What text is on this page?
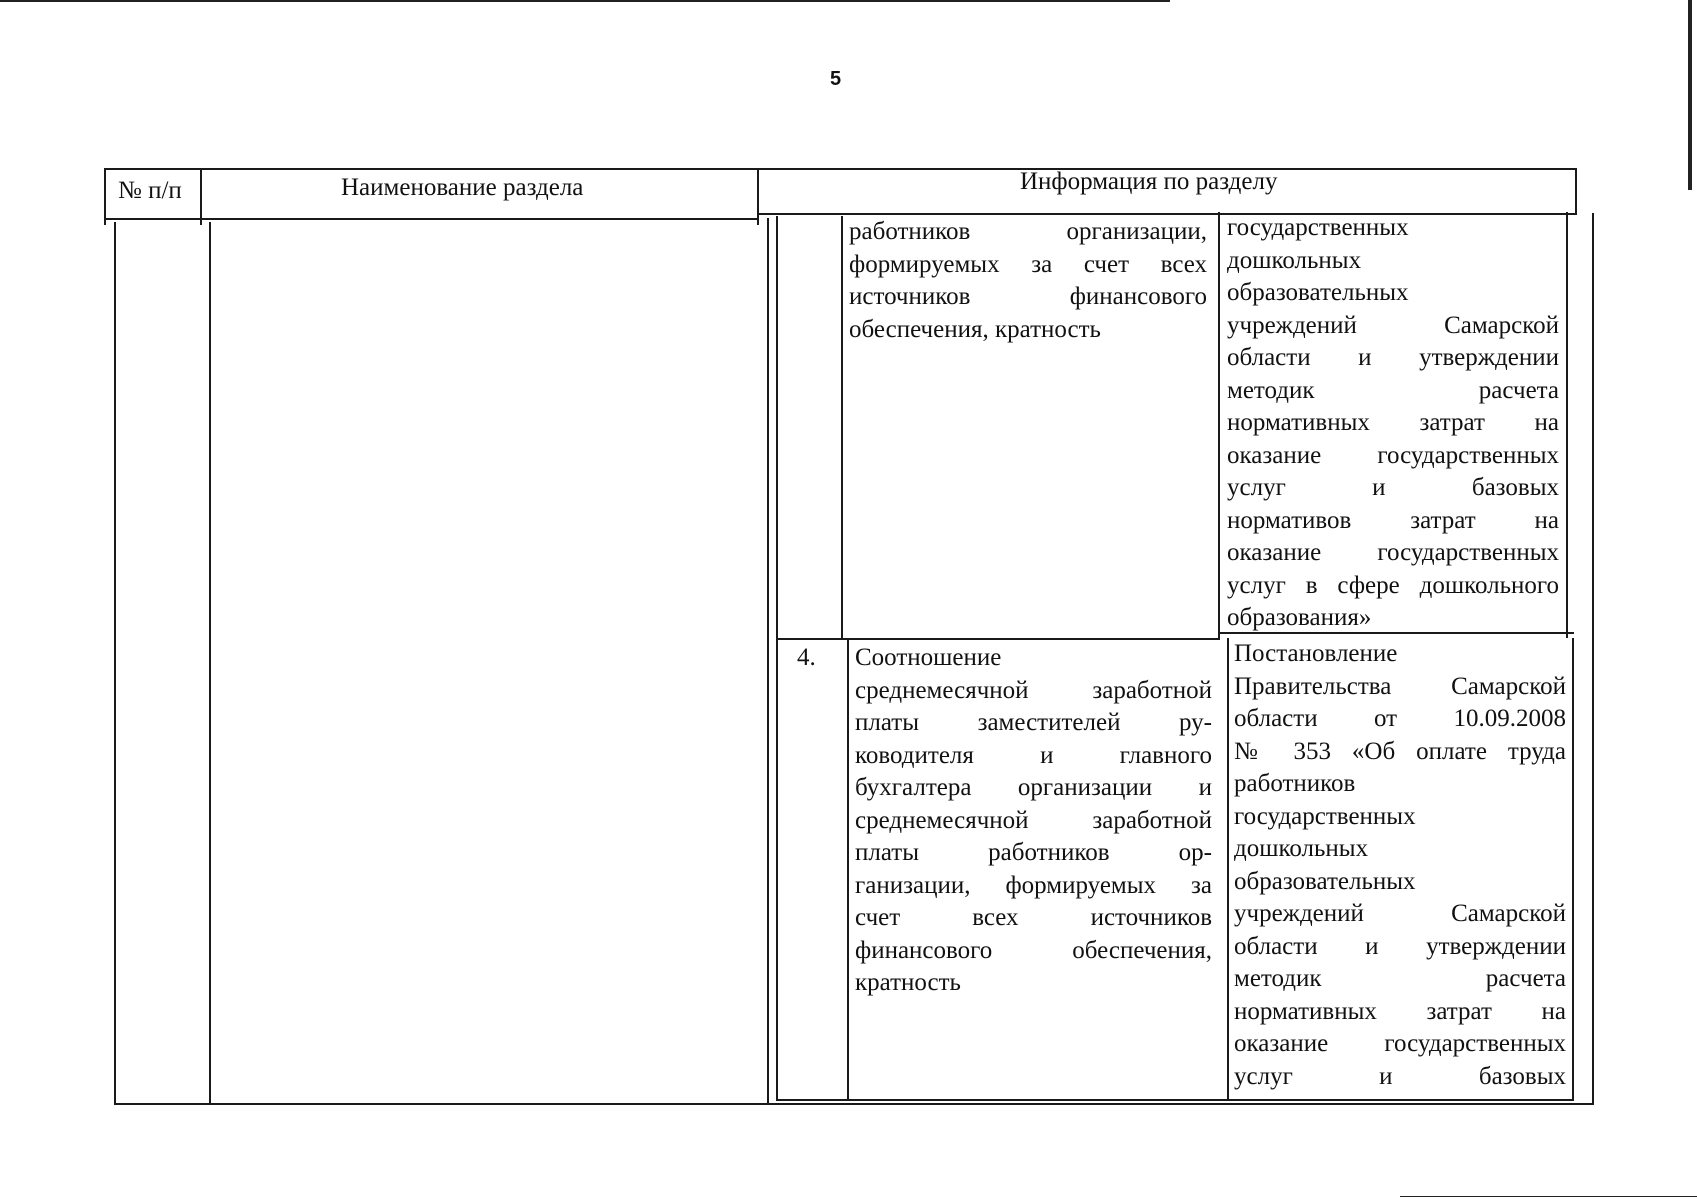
5
№ п/п	Наименование раздела	Информация по разделу
работников организации,
формируемых за счет всех
источников финансового
обеспечения, кратность
государственных
дошкольных
образовательных
учреждений Самарской
области и утверждении
методик расчета
нормативных затрат на
оказание государственных
услуг и базовых
нормативов затрат на
оказание государственных
услуг в сфере дошкольного
образования»
4. Соотношение
среднемесячной заработной
платы заместителей ру-
ководителя и главного
бухгалтера организации и
среднемесячной заработной
платы работников ор-
ганизации, формируемых за
счет всех источников
финансового обеспечения,
кратность
Постановление
Правительства Самарской
области от 10.09.2008
№ 353 «Об оплате труда
работников
государственных
дошкольных
образовательных
учреждений Самарской
области и утверждении
методик расчета
нормативных затрат на
оказание государственных
услуг и базовых
